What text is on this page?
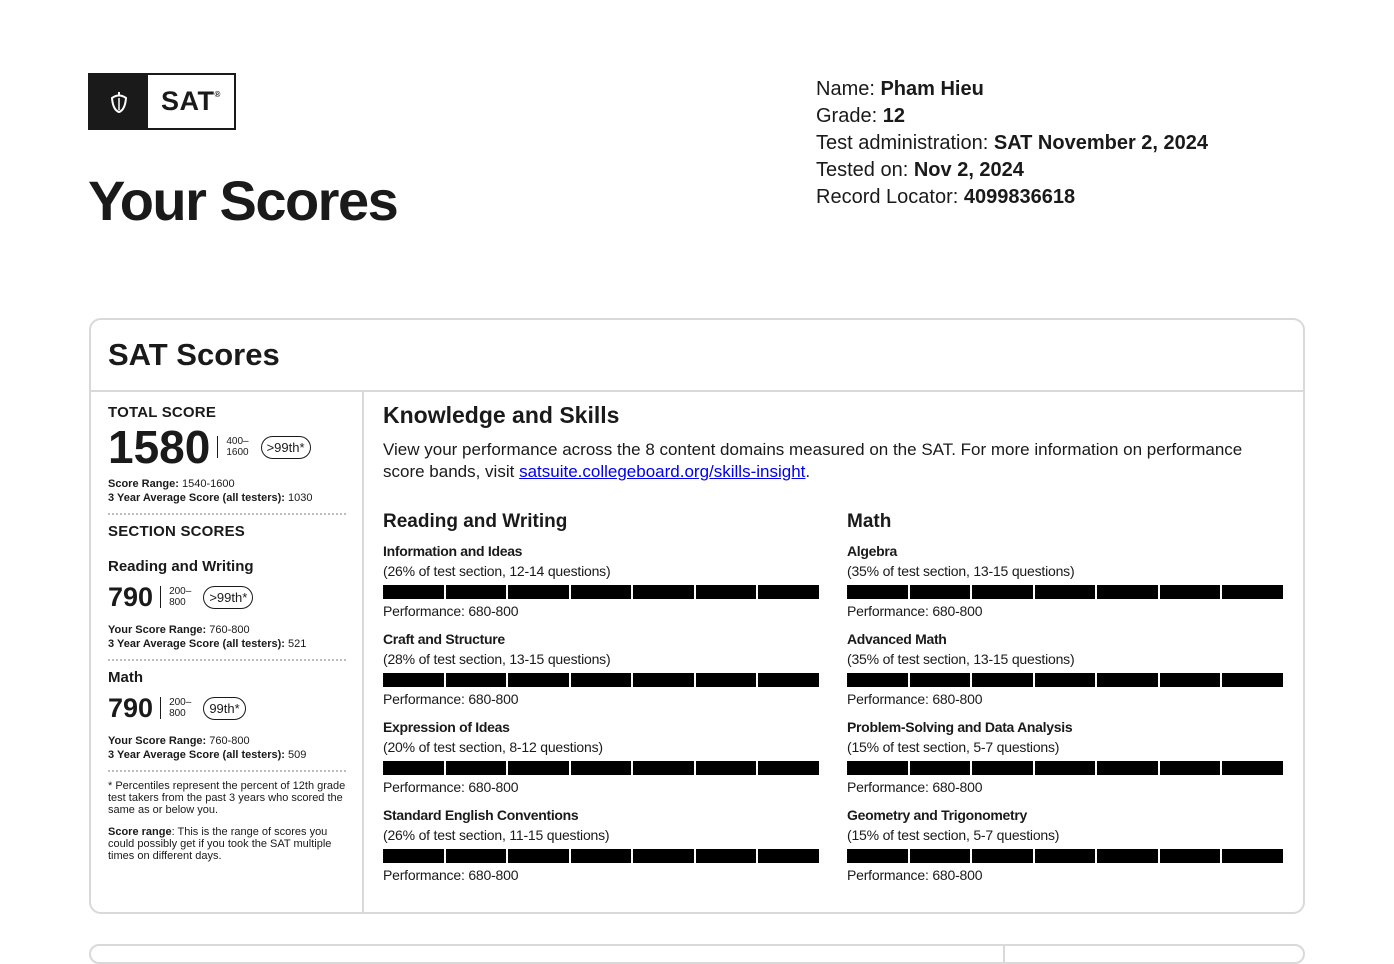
SAT®
Your Scores
Name: Pham Hieu
Grade: 12
Test administration: SAT November 2, 2024
Tested on: Nov 2, 2024
Record Locator: 4099836618
SAT Scores
TOTAL SCORE
1580	400–
1600	>99th*
Score Range: 1540-1600
3 Year Average Score (all testers): 1030
SECTION SCORES
Reading and Writing
790	200–
800	>99th*
Your Score Range: 760-800
3 Year Average Score (all testers): 521
Math
790	200–
800	99th*
Your Score Range: 760-800
3 Year Average Score (all testers): 509
* Percentiles represent the percent of 12th grade test takers from the past 3 years who scored the same as or below you.
Score range: This is the range of scores you could possibly get if you took the SAT multiple times on different days.
Knowledge and Skills
View your performance across the 8 content domains measured on the SAT. For more information on performance score bands, visit satsuite.collegeboard.org/skills-insight.
Reading and Writing
Information and Ideas
(26% of test section, 12-14 questions)
Performance: 680-800
Craft and Structure
(28% of test section, 13-15 questions)
Performance: 680-800
Expression of Ideas
(20% of test section, 8-12 questions)
Performance: 680-800
Standard English Conventions
(26% of test section, 11-15 questions)
Performance: 680-800
Math
Algebra
(35% of test section, 13-15 questions)
Performance: 680-800
Advanced Math
(35% of test section, 13-15 questions)
Performance: 680-800
Problem-Solving and Data Analysis
(15% of test section, 5-7 questions)
Performance: 680-800
Geometry and Trigonometry
(15% of test section, 5-7 questions)
Performance: 680-800
